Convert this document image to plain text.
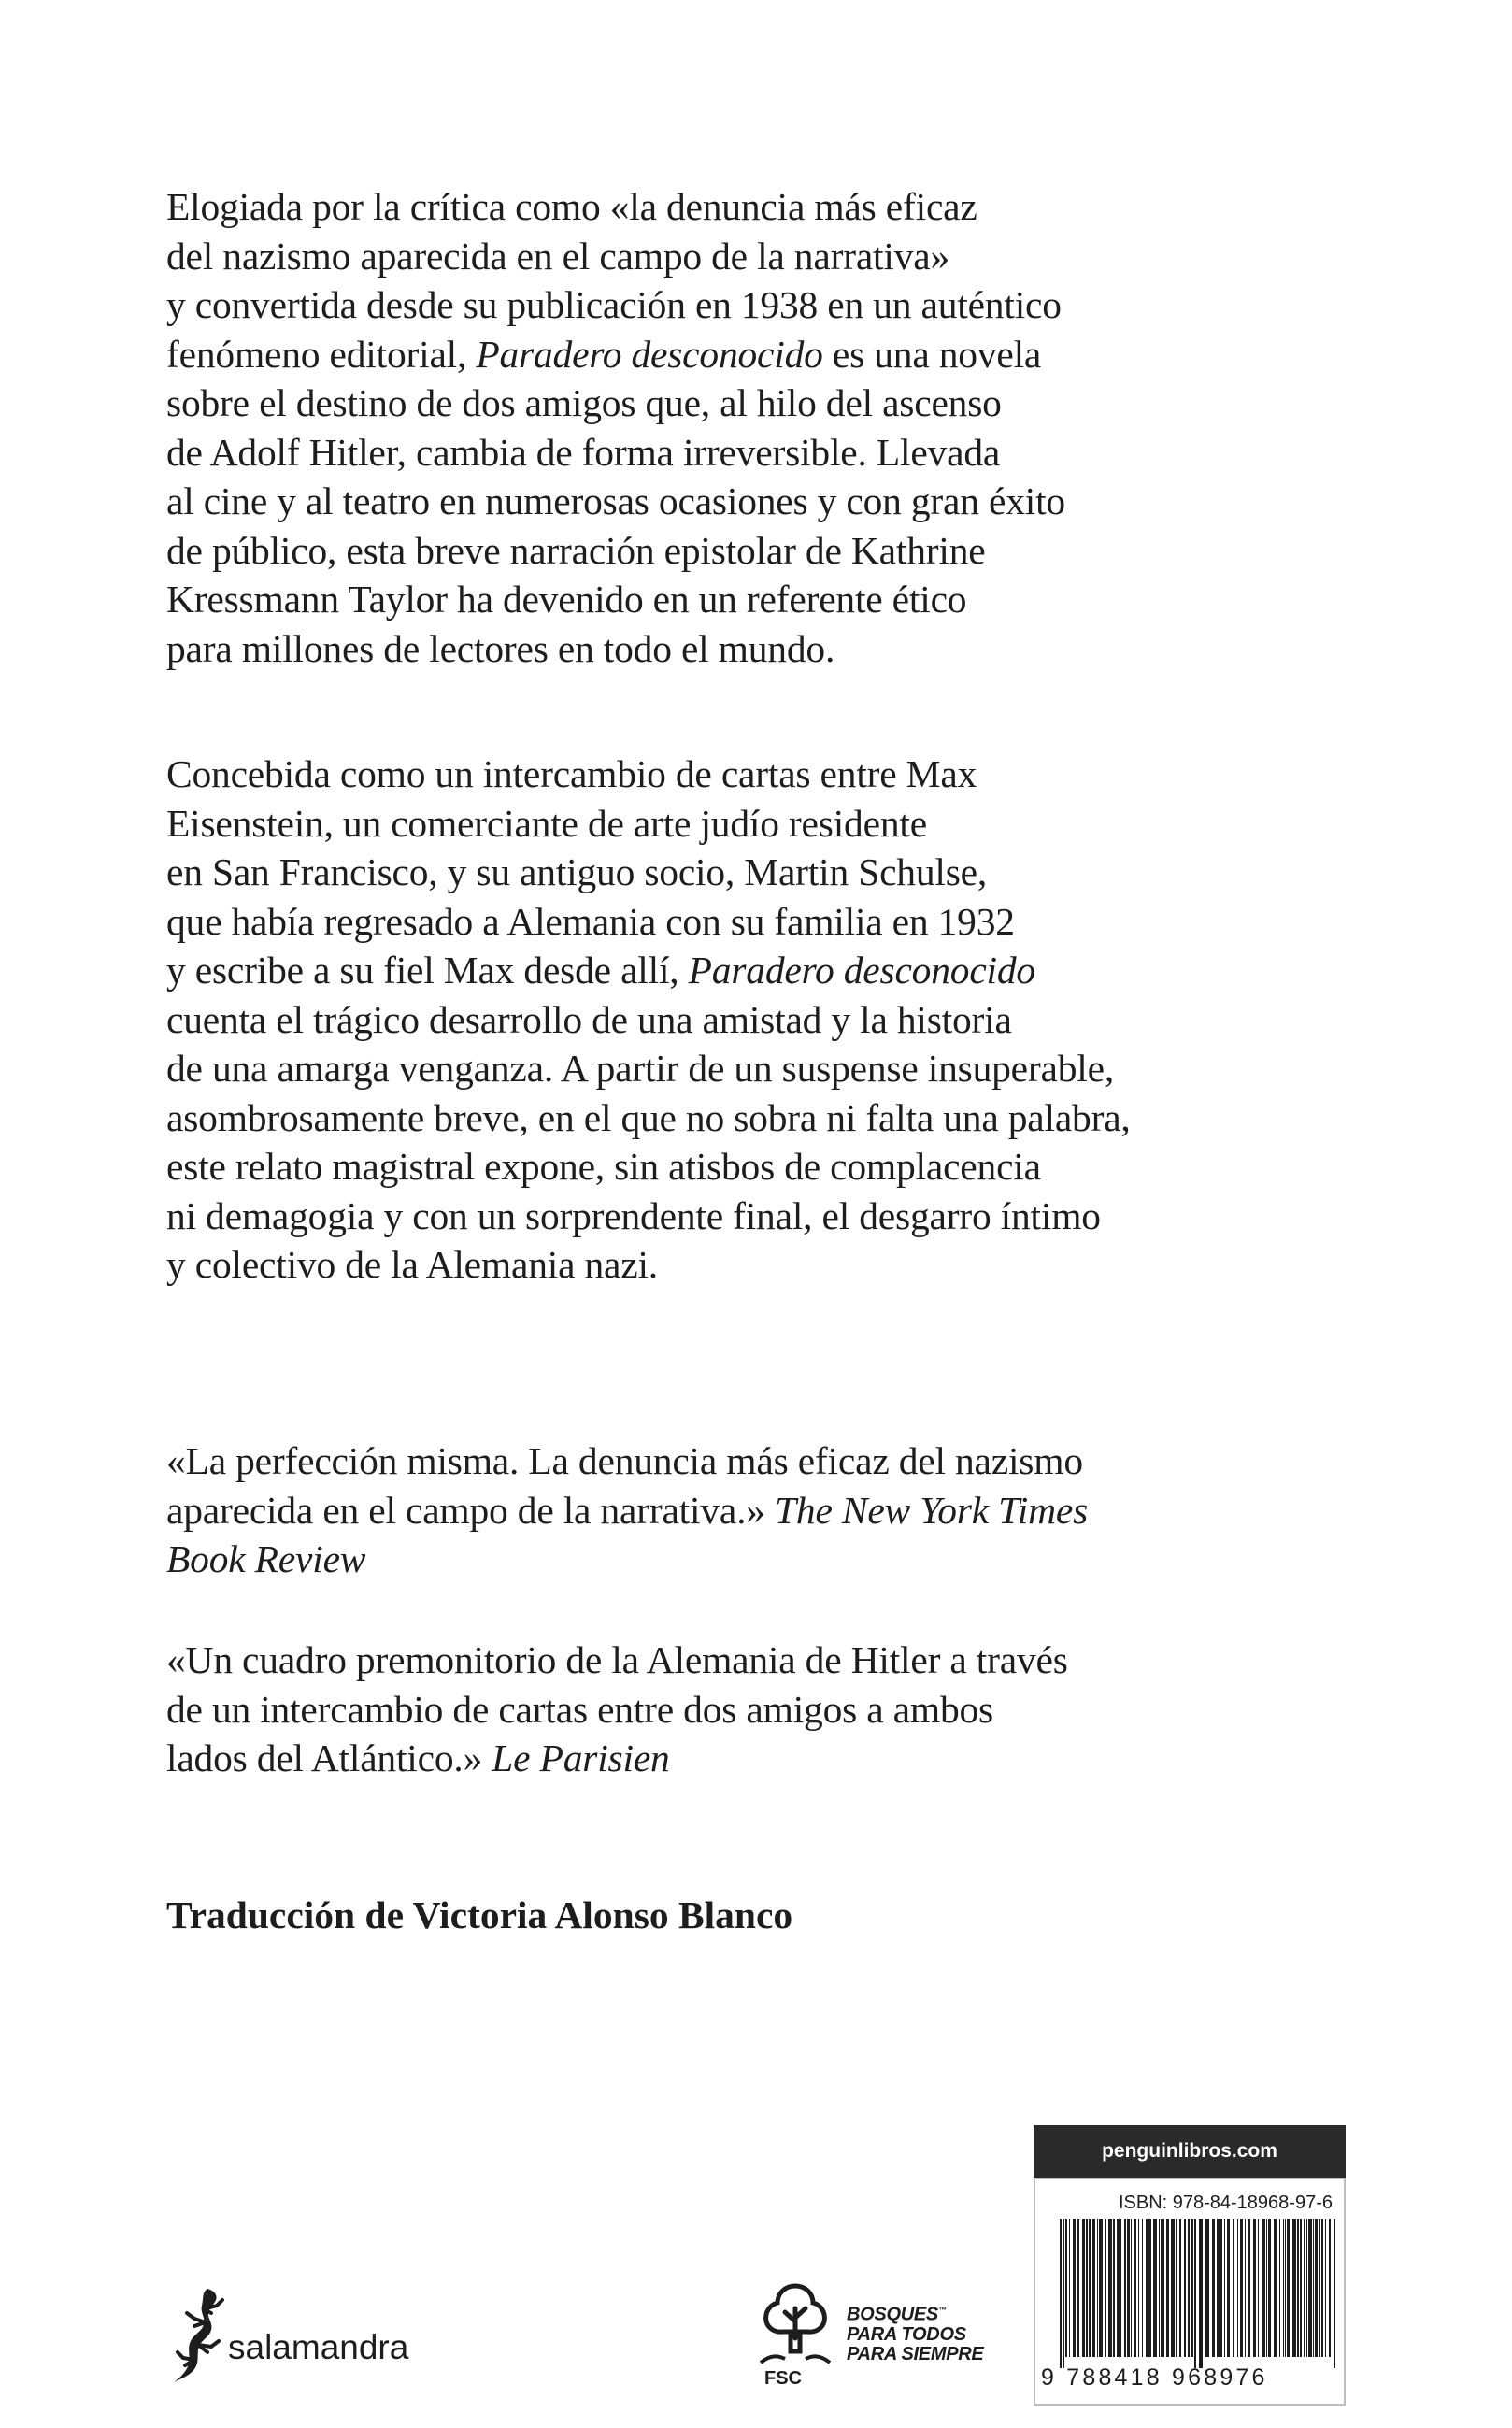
Elogiada por la crítica como «la denuncia más eficaz
del nazismo aparecida en el campo de la narrativa»
y convertida desde su publicación en 1938 en un auténtico
fenómeno editorial, Paradero desconocido es una novela
sobre el destino de dos amigos que, al hilo del ascenso
de Adolf Hitler, cambia de forma irreversible. Llevada
al cine y al teatro en numerosas ocasiones y con gran éxito
de público, esta breve narración epistolar de Kathrine
Kressmann Taylor ha devenido en un referente ético
para millones de lectores en todo el mundo.
Concebida como un intercambio de cartas entre Max
Eisenstein, un comerciante de arte judío residente
en San Francisco, y su antiguo socio, Martin Schulse,
que había regresado a Alemania con su familia en 1932
y escribe a su fiel Max desde allí, Paradero desconocido
cuenta el trágico desarrollo de una amistad y la historia
de una amarga venganza. A partir de un suspense insuperable,
asombrosamente breve, en el que no sobra ni falta una palabra,
este relato magistral expone, sin atisbos de complacencia
ni demagogia y con un sorprendente final, el desgarro íntimo
y colectivo de la Alemania nazi.
«La perfección misma. La denuncia más eficaz del nazismo
aparecida en el campo de la narrativa.» The New York Times
Book Review
«Un cuadro premonitorio de la Alemania de Hitler a través
de un intercambio de cartas entre dos amigos a ambos
lados del Atlántico.» Le Parisien
Traducción de Victoria Alonso Blanco
salamandra
FSC
BOSQUES™
PARA TODOS
PARA SIEMPRE
penguinlibros.com
ISBN: 978-84-18968-97-6
9 788418 968976
